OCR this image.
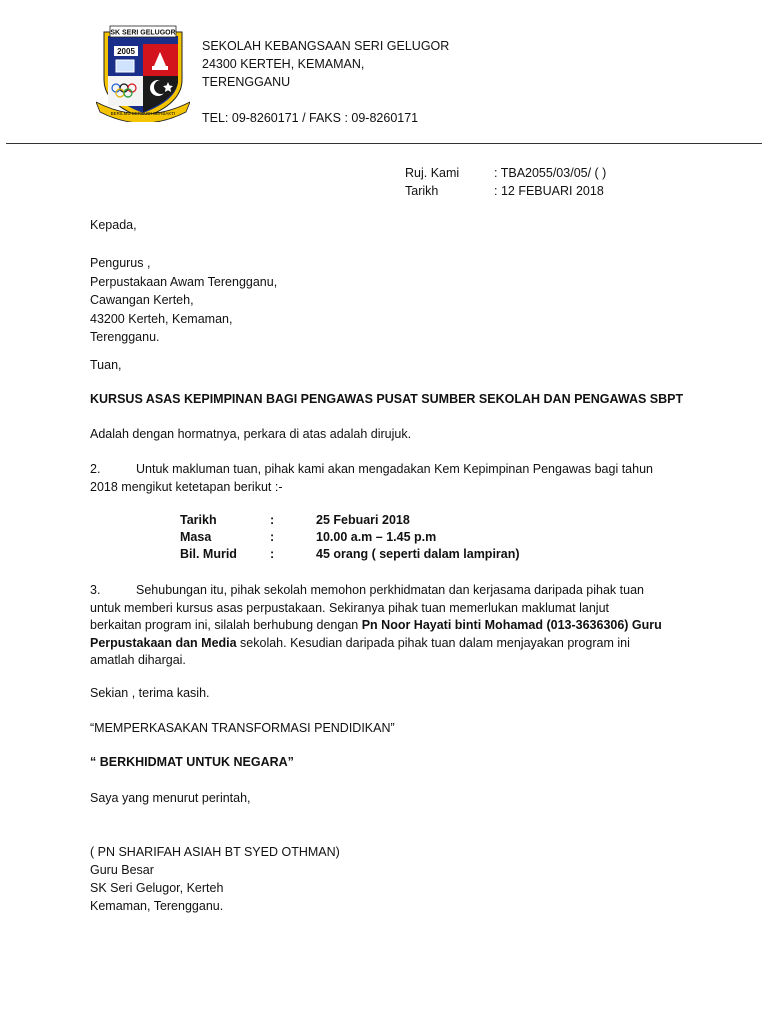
SK SERI GELUGOR
2005
BERILMU BERBUDI BERBAKTI
SEKOLAH KEBANGSAAN SERI GELUGOR
24300 KERTEH, KEMAMAN,
TERENGGANU
TEL: 09-8260171 / FAKS : 09-8260171
Ruj. Kami	: TBA2055/03/05/ ( )
Tarikh	: 12 FEBUARI 2018
Kepada,
Pengurus ,
Perpustakaan Awam Terengganu,
Cawangan Kerteh,
43200 Kerteh, Kemaman,
Terengganu.
Tuan,
KURSUS ASAS KEPIMPINAN BAGI PENGAWAS PUSAT SUMBER SEKOLAH DAN PENGAWAS SBPT
Adalah dengan hormatnya, perkara di atas adalah dirujuk.
2.	Untuk makluman tuan, pihak kami akan mengadakan Kem Kepimpinan Pengawas bagi tahun 2018 mengikut ketetapan berikut :-
Tarikh	:	25 Febuari 2018
Masa	:	10.00 a.m – 1.45 p.m
Bil. Murid	:	45 orang ( seperti dalam lampiran)
3.	Sehubungan itu, pihak sekolah memohon perkhidmatan dan kerjasama daripada pihak tuan untuk memberi kursus asas perpustakaan. Sekiranya pihak tuan memerlukan maklumat lanjut berkaitan program ini, silalah berhubung dengan Pn Noor Hayati binti Mohamad (013-3636306) Guru Perpustakaan dan Media sekolah. Kesudian daripada pihak tuan dalam menjayakan program ini amatlah dihargai.
Sekian , terima kasih.
“MEMPERKASAKAN TRANSFORMASI PENDIDIKAN”
“ BERKHIDMAT UNTUK NEGARA”
Saya yang menurut perintah,
( PN SHARIFAH ASIAH BT SYED OTHMAN)
Guru Besar
SK Seri Gelugor, Kerteh
Kemaman, Terengganu.
